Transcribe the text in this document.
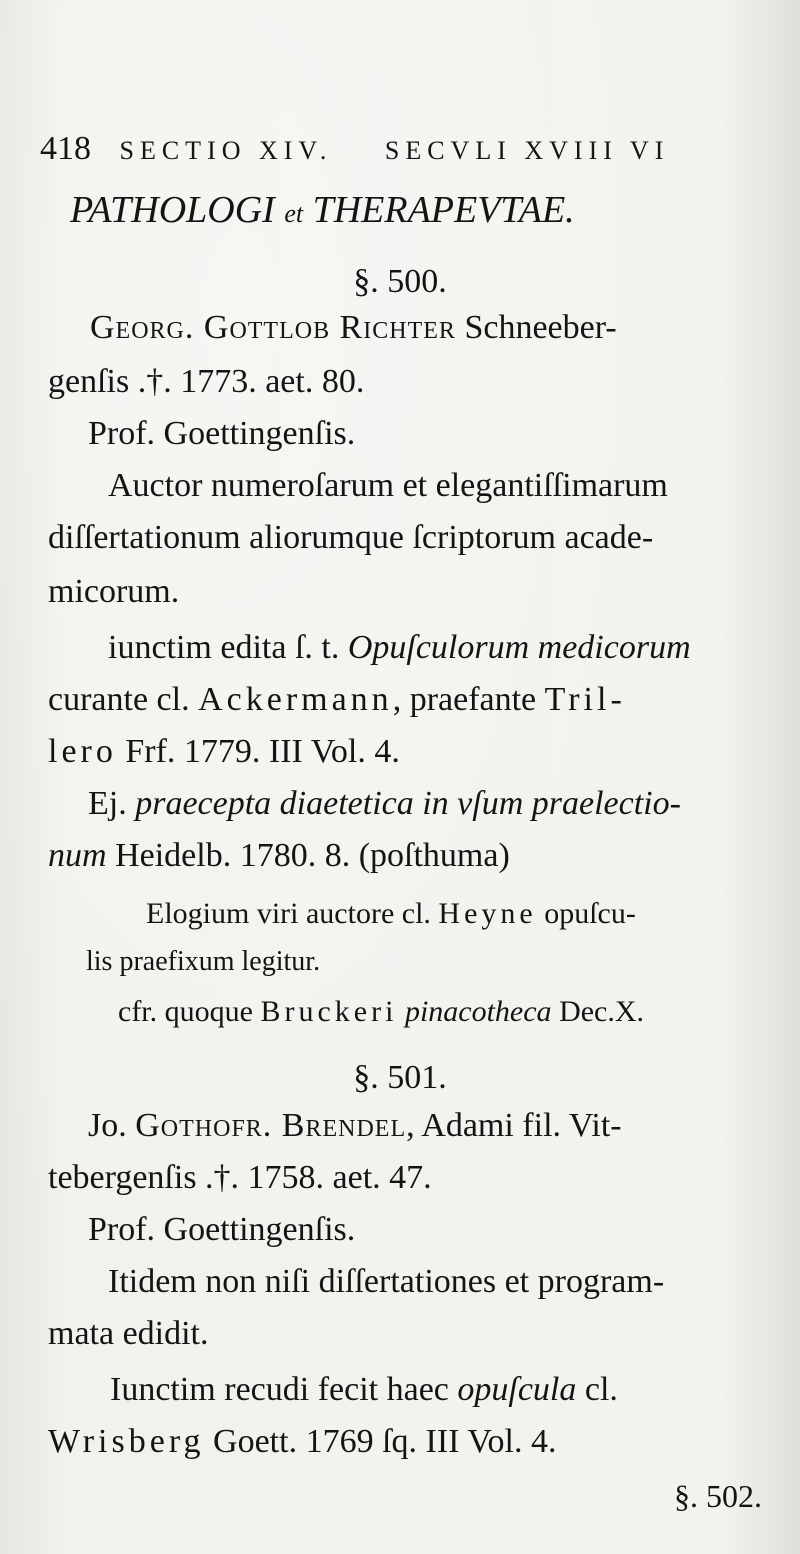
418 SECTIO XIV. SECVLI XVIII VI
PATHOLOGI et THERAPEVTAE.
§. 500.
Georg. Gottlob Richter Schneeber-
genſis .†. 1773. aet. 80.
Prof. Goettingenſis.
Auctor numeroſarum et elegantiſſimarum
diſſertationum aliorumque ſcriptorum acade-
micorum.
iunctim edita ſ. t. Opuſculorum medicorum
curante cl. Ackermann, praefante Tril-
lero Frf. 1779. III Vol. 4.
Ej. praecepta diaetetica in vſum praelectio-
num Heidelb. 1780. 8. (poſthuma)
Elogium viri auctore cl. Heyne opuſcu-
lis praefixum legitur.
cfr. quoque Bruckeri pinacotheca Dec.X.
§. 501.
Jo. Gothofr. Brendel, Adami fil. Vit-
tebergenſis .†. 1758. aet. 47.
Prof. Goettingenſis.
Itidem non niſi diſſertationes et program-
mata edidit.
Iunctim recudi fecit haec opuſcula cl.
Wrisberg Goett. 1769 ſq. III Vol. 4.
§. 502.
